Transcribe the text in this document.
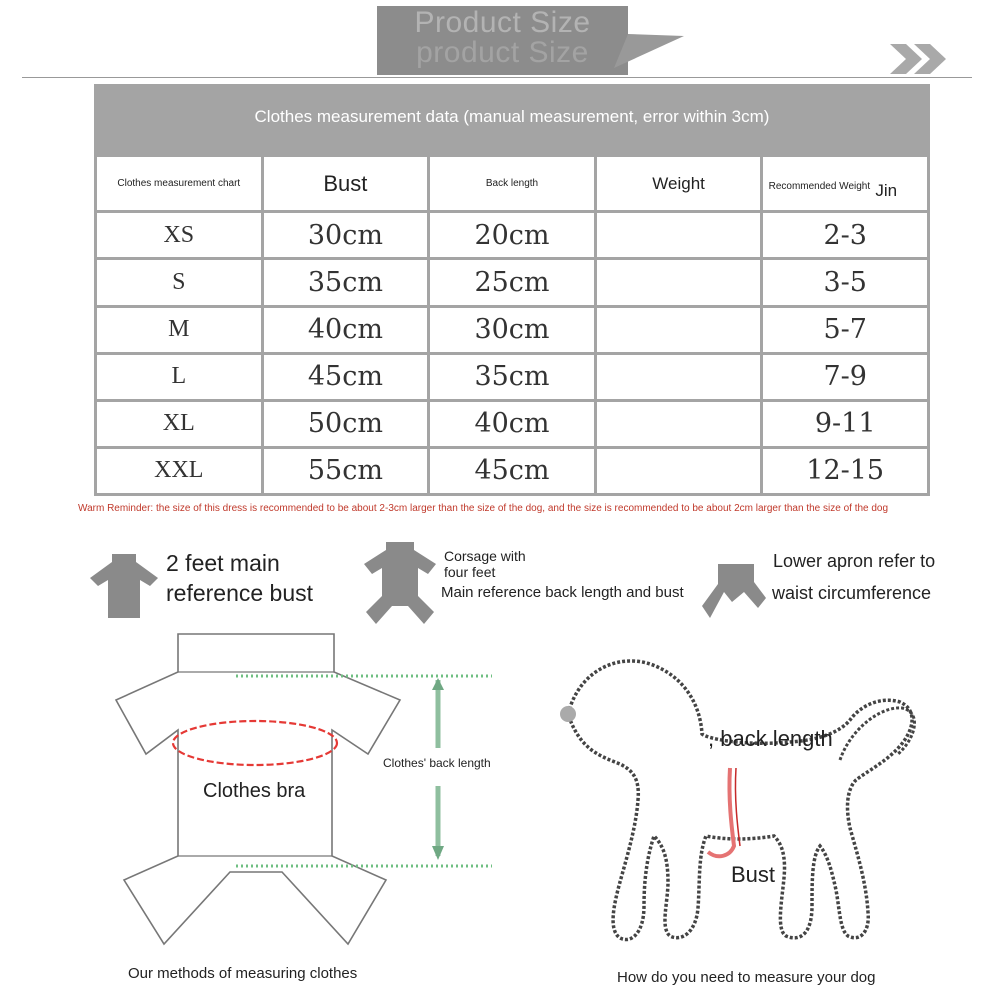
Product Size
product Size
Clothes measurement data (manual measurement, error within 3cm)
Clothes measurement chart	Bust	Back length	Weight	Recommended Weight Jin

XS	30cm	20cm		2-3
S	35cm	25cm		3-5
M	40cm	30cm		5-7
L	45cm	35cm		7-9
XL	50cm	40cm		9-11
XXL	55cm	45cm		12-15
Warm Reminder: the size of this dress is recommended to be about 2-3cm larger than the size of the dog, and the size is recommended to be about 2cm larger than the size of the dog
2 feet main
reference bust
Corsage with
four feet
Main reference back length and bust
Lower apron refer to
waist circumference
Clothes bra
Clothes' back length
, back length
Bust
Our methods of measuring clothes	How do you need to measure your dog
